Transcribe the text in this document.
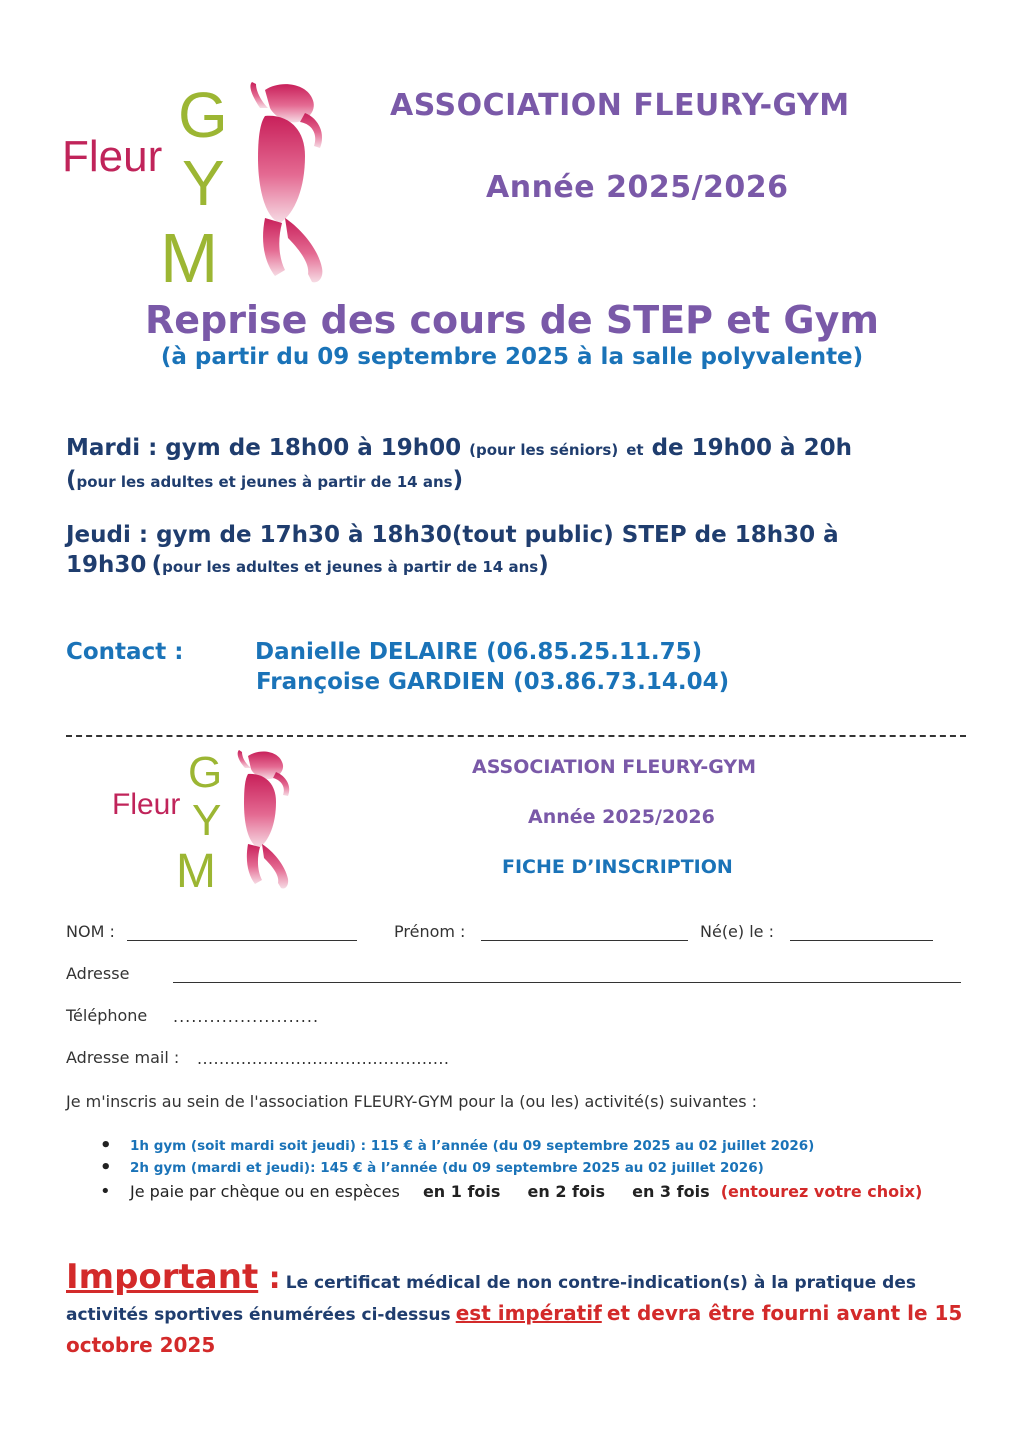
Fleur
G
Y
M
ASSOCIATION FLEURY-GYM
Année 2025/2026
Reprise des cours de STEP et Gym
(à partir du 09 septembre 2025 à la salle polyvalente)
Mardi : gym de 18h00 à 19h00 (pour les séniors) et de 19h00 à 20h
(pour les adultes et jeunes à partir de 14 ans)
Jeudi : gym de 17h30 à 18h30(tout public) STEP de 18h30 à
19h30 (pour les adultes et jeunes à partir de 14 ans)
Contact :	Danielle DELAIRE (06.85.25.11.75)
Françoise GARDIEN (03.86.73.14.04)
Fleur
G
Y
M
ASSOCIATION FLEURY-GYM
Année 2025/2026
FICHE D’INSCRIPTION
NOM :	Prénom :	Né(e) le :
Adresse
Téléphone ........................
Adresse mail : ..............................................
Je m'inscris au sein de l'association FLEURY-GYM pour la (ou les) activité(s) suivantes :
• 1h gym (soit mardi soit jeudi) : 115 € à l’année (du 09 septembre 2025 au 02 juillet 2026)
• 2h gym (mardi et jeudi): 145 € à l’année (du 09 septembre 2025 au 02 juillet 2026)
• Je paie par chèque ou en espèces en 1 fois en 2 fois en 3 fois (entourez votre choix)
Important : Le certificat médical de non contre-indication(s) à la pratique des activités sportives énumérées ci-dessus est impératif et devra être fourni avant le 15 octobre 2025
